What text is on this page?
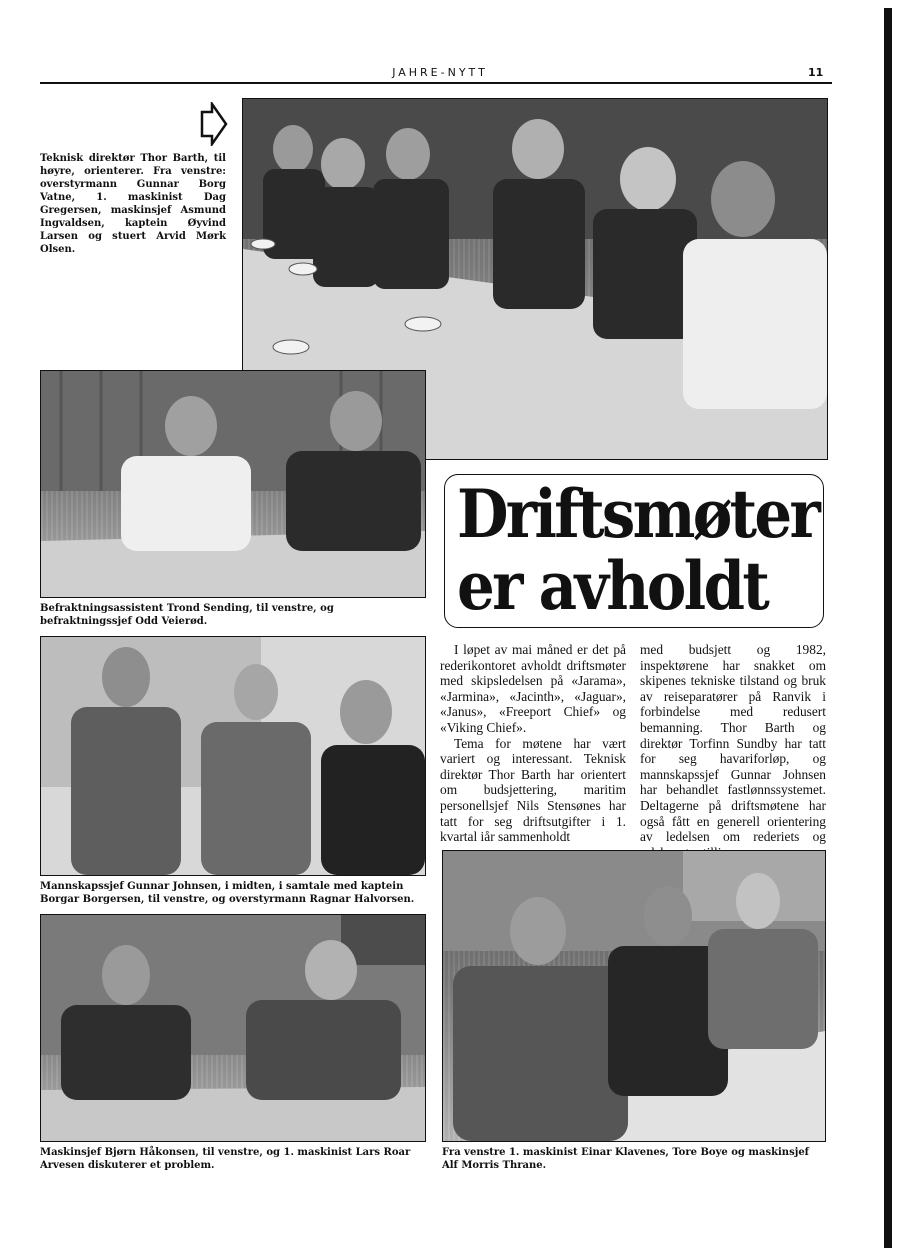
JAHRE-NYTT	11

Teknisk direktør Thor Barth, til høyre, orienterer. Fra venstre: overstyrmann Gunnar Borg Vatne, 1. maskinist Dag Gregersen, maskinsjef Asmund Ingvaldsen, kaptein Øyvind Larsen og stuert Arvid Mørk Olsen.

Befraktningsassistent Trond Sending, til venstre, og befraktningssjef Odd Veierød.

Driftsmøter
er avholdt

I løpet av mai måned er det på rederikontoret avholdt driftsmøter med skipsledelsen på «Jarama», «Jarmina», «Jacinth», «Jaguar», «Janus», «Freeport Chief» og «Viking Chief».

Tema for møtene har vært variert og interessant. Teknisk direktør Thor Barth har orientert om budsjettering, maritim personellsjef Nils Stensønes har tatt for seg driftsutgifter i 1. kvartal iår sammenholdt

med budsjett og 1982, inspektørene har snakket om skipenes tekniske tilstand og bruk av reiseparatører på Ranvik i forbindelse med redusert bemanning. Thor Barth og direktør Torfinn Sundby har tatt for seg havariforløp, og mannskapssjef Gunnar Johnsen har behandlet fastlønnssystemet. Deltagerne på driftsmøtene har også fått en generell orientering av ledelsen om rederiets og

Mannskapssjef Gunnar Johnsen, i midten, i samtale med kaptein Borgar Borgersen, til venstre, og overstyrmann Ragnar Halvorsen.

Maskinsjef Bjørn Håkonsen, til venstre, og 1. maskinist Lars Roar Arvesen diskuterer et problem.

Fra venstre 1. maskinist Einar Klavenes, Tore Boye og maskinsjef Alf Morris Thrane.
